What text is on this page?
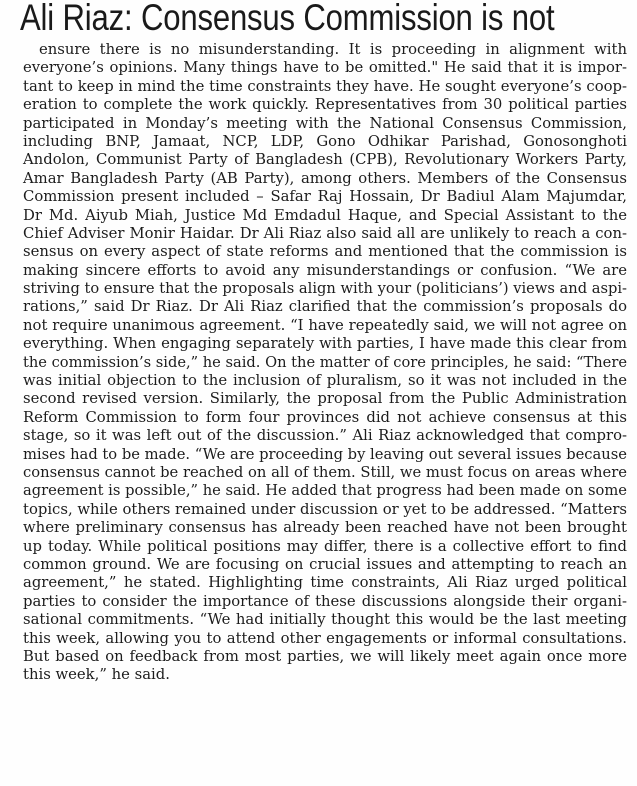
Ali Riaz: Consensus Commission is not
ensure there is no misunderstanding. It is proceeding in alignment with
everyone’s opinions. Many things have to be omitted." He said that it is impor-
tant to keep in mind the time constraints they have. He sought everyone’s coop-
eration to complete the work quickly. Representatives from 30 political parties
participated in Monday’s meeting with the National Consensus Commission,
including BNP, Jamaat, NCP, LDP, Gono Odhikar Parishad, Gonosonghoti
Andolon, Communist Party of Bangladesh (CPB), Revolutionary Workers Party,
Amar Bangladesh Party (AB Party), among others. Members of the Consensus
Commission present included – Safar Raj Hossain, Dr Badiul Alam Majumdar,
Dr Md. Aiyub Miah, Justice Md Emdadul Haque, and Special Assistant to the
Chief Adviser Monir Haidar. Dr Ali Riaz also said all are unlikely to reach a con-
sensus on every aspect of state reforms and mentioned that the commission is
making sincere efforts to avoid any misunderstandings or confusion. “We are
striving to ensure that the proposals align with your (politicians’) views and aspi-
rations,” said Dr Riaz. Dr Ali Riaz clarified that the commission’s proposals do
not require unanimous agreement. “I have repeatedly said, we will not agree on
everything. When engaging separately with parties, I have made this clear from
the commission’s side,” he said. On the matter of core principles, he said: “There
was initial objection to the inclusion of pluralism, so it was not included in the
second revised version. Similarly, the proposal from the Public Administration
Reform Commission to form four provinces did not achieve consensus at this
stage, so it was left out of the discussion.” Ali Riaz acknowledged that compro-
mises had to be made. “We are proceeding by leaving out several issues because
consensus cannot be reached on all of them. Still, we must focus on areas where
agreement is possible,” he said. He added that progress had been made on some
topics, while others remained under discussion or yet to be addressed. “Matters
where preliminary consensus has already been reached have not been brought
up today. While political positions may differ, there is a collective effort to find
common ground. We are focusing on crucial issues and attempting to reach an
agreement,” he stated. Highlighting time constraints, Ali Riaz urged political
parties to consider the importance of these discussions alongside their organi-
sational commitments. “We had initially thought this would be the last meeting
this week, allowing you to attend other engagements or informal consultations.
But based on feedback from most parties, we will likely meet again once more
this week,” he said.
